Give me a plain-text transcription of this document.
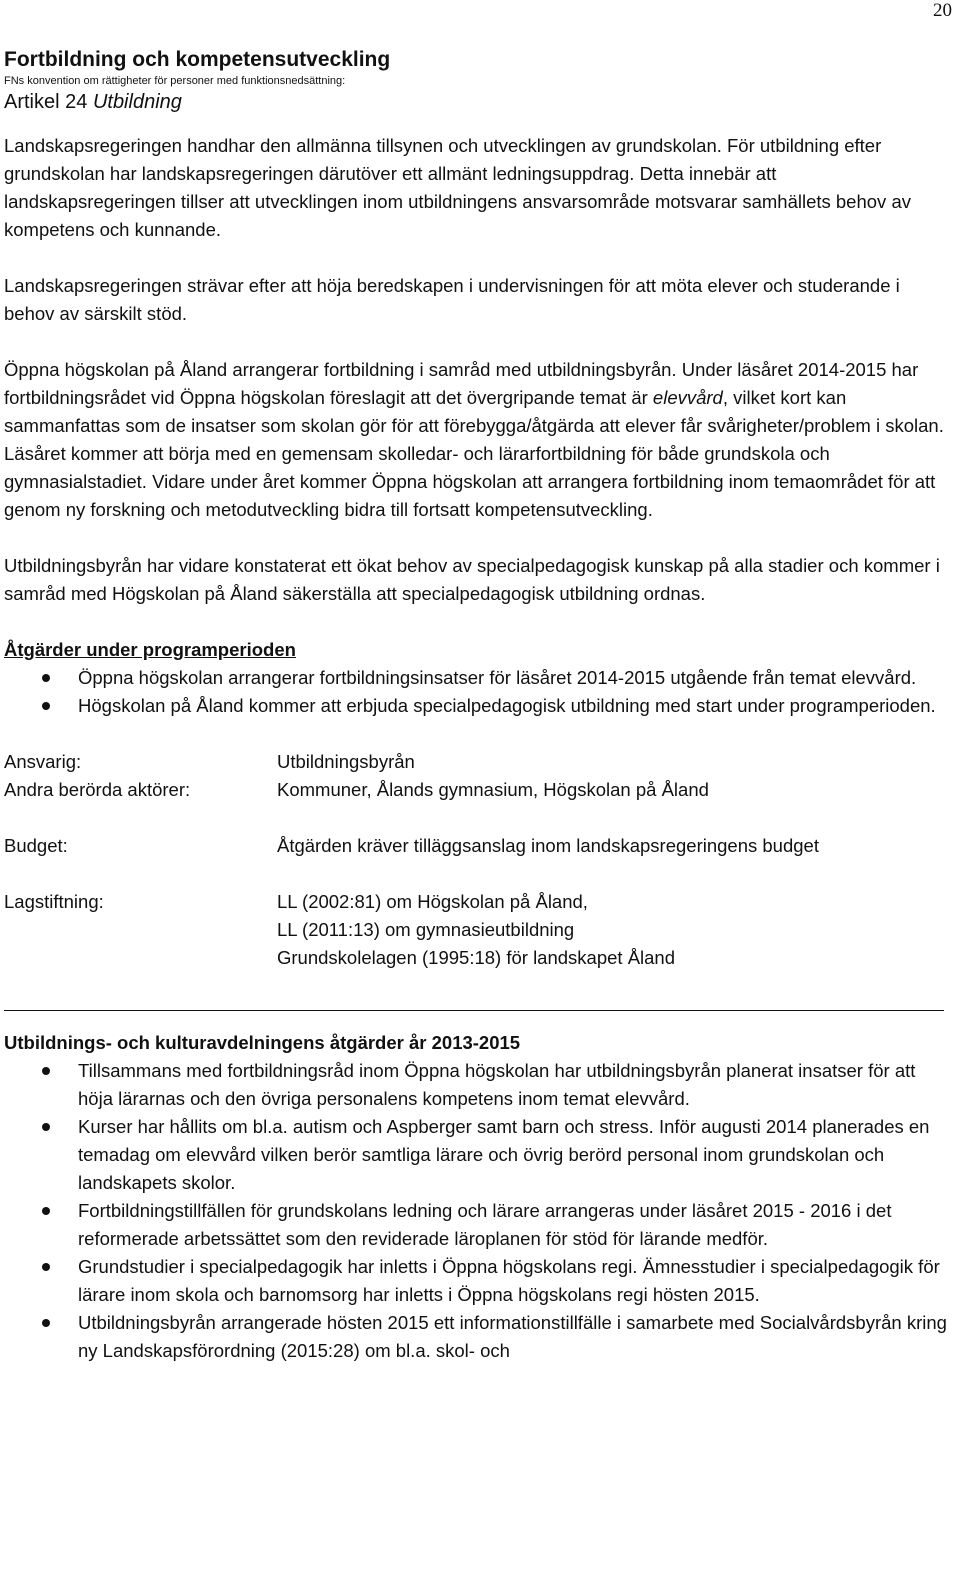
20

Fortbildning och kompetensutveckling

FNs konvention om rättigheter för personer med funktionsnedsättning:

Artikel 24 Utbildning

Landskapsregeringen handhar den allmänna tillsynen och utvecklingen av grundskolan. För utbildning efter grundskolan har landskapsregeringen därutöver ett allmänt ledningsuppdrag. Detta innebär att landskapsregeringen tillser att utvecklingen inom utbildningens ansvarsområde motsvarar samhällets behov av kompetens och kunnande.

Landskapsregeringen strävar efter att höja beredskapen i undervisningen för att möta elever och studerande i behov av särskilt stöd.

Öppna högskolan på Åland arrangerar fortbildning i samråd med utbildningsbyrån. Under läsåret 2014-2015 har fortbildningsrådet vid Öppna högskolan föreslagit att det övergripande temat är elevvård, vilket kort kan sammanfattas som de insatser som skolan gör för att förebygga/åtgärda att elever får svårigheter/problem i skolan. Läsåret kommer att börja med en gemensam skolledar- och lärarfortbildning för både grundskola och gymnasialstadiet. Vidare under året kommer Öppna högskolan att arrangera fortbildning inom temaområdet för att genom ny forskning och metodutveckling bidra till fortsatt kompetensutveckling.

Utbildningsbyrån har vidare konstaterat ett ökat behov av specialpedagogisk kunskap på alla stadier och kommer i samråd med Högskolan på Åland säkerställa att specialpedagogisk utbildning ordnas.

Åtgärder under programperioden

Öppna högskolan arrangerar fortbildningsinsatser för läsåret 2014-2015 utgående från temat elevvård.
Högskolan på Åland kommer att erbjuda specialpedagogisk utbildning med start under programperioden.
Ansvarig:	Utbildningsbyrån
Andra berörda aktörer:	Kommuner, Ålands gymnasium, Högskolan på Åland
Budget:	Åtgärden kräver tilläggsanslag inom landskapsregeringens budget
Lagstiftning:	LL (2002:81) om Högskolan på Åland,
LL (2011:13) om gymnasieutbildning
Grundskolelagen (1995:18) för landskapet Åland

Utbildnings- och kulturavdelningens åtgärder år 2013-2015

Tillsammans med fortbildningsråd inom Öppna högskolan har utbildningsbyrån planerat insatser för att höja lärarnas och den övriga personalens kompetens inom temat elevvård.
Kurser har hållits om bl.a. autism och Aspberger samt barn och stress. Inför augusti 2014 planerades en temadag om elevvård vilken berör samtliga lärare och övrig berörd personal inom grundskolan och landskapets skolor.
Fortbildningstillfällen för grundskolans ledning och lärare arrangeras under läsåret 2015 - 2016 i det reformerade arbetssättet som den reviderade läroplanen för stöd för lärande medför.
Grundstudier i specialpedagogik har inletts i Öppna högskolans regi. Ämnesstudier i specialpedagogik för lärare inom skola och barnomsorg har inletts i Öppna högskolans regi hösten 2015.
Utbildningsbyrån arrangerade hösten 2015 ett informationstillfälle i samarbete med Socialvårdsbyrån kring ny Landskapsförordning (2015:28) om bl.a. skol- och
